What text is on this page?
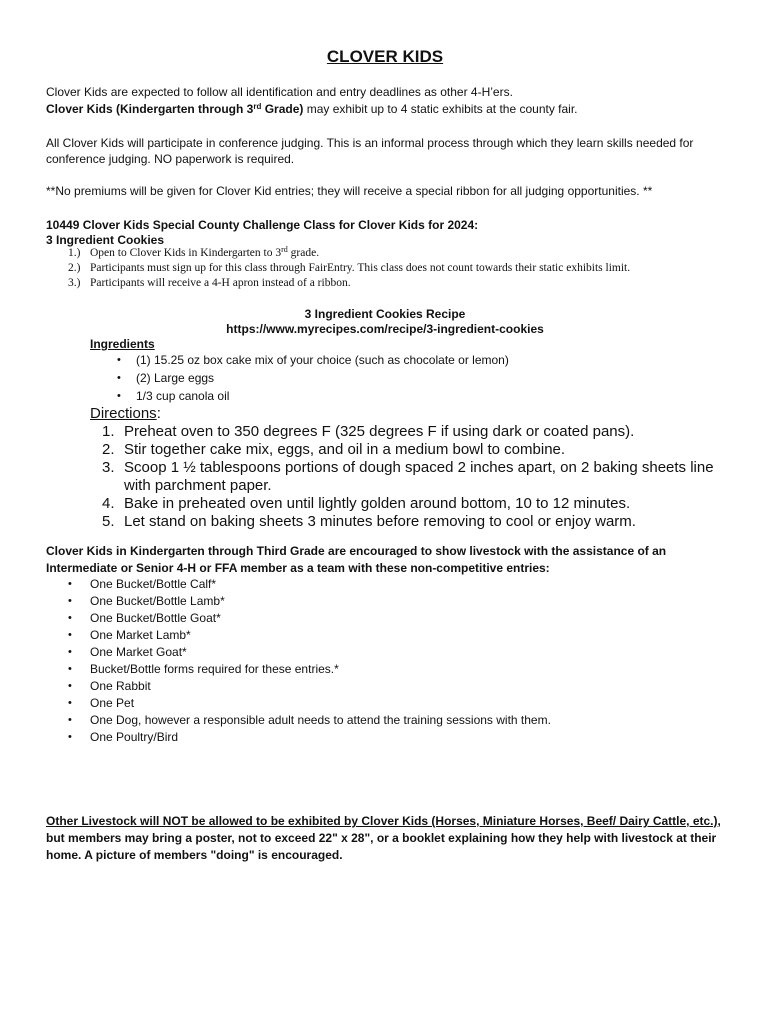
CLOVER KIDS
Clover Kids are expected to follow all identification and entry deadlines as other 4-H’ers.
Clover Kids (Kindergarten through 3rd Grade) may exhibit up to 4 static exhibits at the county fair.
All Clover Kids will participate in conference judging. This is an informal process through which they learn skills needed for conference judging. NO paperwork is required.
**No premiums will be given for Clover Kid entries; they will receive a special ribbon for all judging opportunities. **
10449 Clover Kids Special County Challenge Class for Clover Kids for 2024:
3 Ingredient Cookies
1.) Open to Clover Kids in Kindergarten to 3rd grade.
2.) Participants must sign up for this class through FairEntry. This class does not count towards their static exhibits limit.
3.) Participants will receive a 4-H apron instead of a ribbon.
3 Ingredient Cookies Recipe
https://www.myrecipes.com/recipe/3-ingredient-cookies
Ingredients
• (1) 15.25 oz box cake mix of your choice (such as chocolate or lemon)
• (2) Large eggs
• 1/3 cup canola oil
Directions:
1. Preheat oven to 350 degrees F (325 degrees F if using dark or coated pans).
2. Stir together cake mix, eggs, and oil in a medium bowl to combine.
3. Scoop 1 ½ tablespoons portions of dough spaced 2 inches apart, on 2 baking sheets line
with parchment paper.
4. Bake in preheated oven until lightly golden around bottom, 10 to 12 minutes.
5. Let stand on baking sheets 3 minutes before removing to cool or enjoy warm.
Clover Kids in Kindergarten through Third Grade are encouraged to show livestock with the assistance of an Intermediate or Senior 4-H or FFA member as a team with these non-competitive entries:
• One Bucket/Bottle Calf*
• One Bucket/Bottle Lamb*
• One Bucket/Bottle Goat*
• One Market Lamb*
• One Market Goat*
• Bucket/Bottle forms required for these entries.*
• One Rabbit
• One Pet
• One Dog, however a responsible adult needs to attend the training sessions with them.
• One Poultry/Bird
Other Livestock will NOT be allowed to be exhibited by Clover Kids (Horses, Miniature Horses, Beef/ Dairy Cattle, etc.), but members may bring a poster, not to exceed 22" x 28", or a booklet explaining how they help with livestock at their home. A picture of members "doing" is encouraged.
